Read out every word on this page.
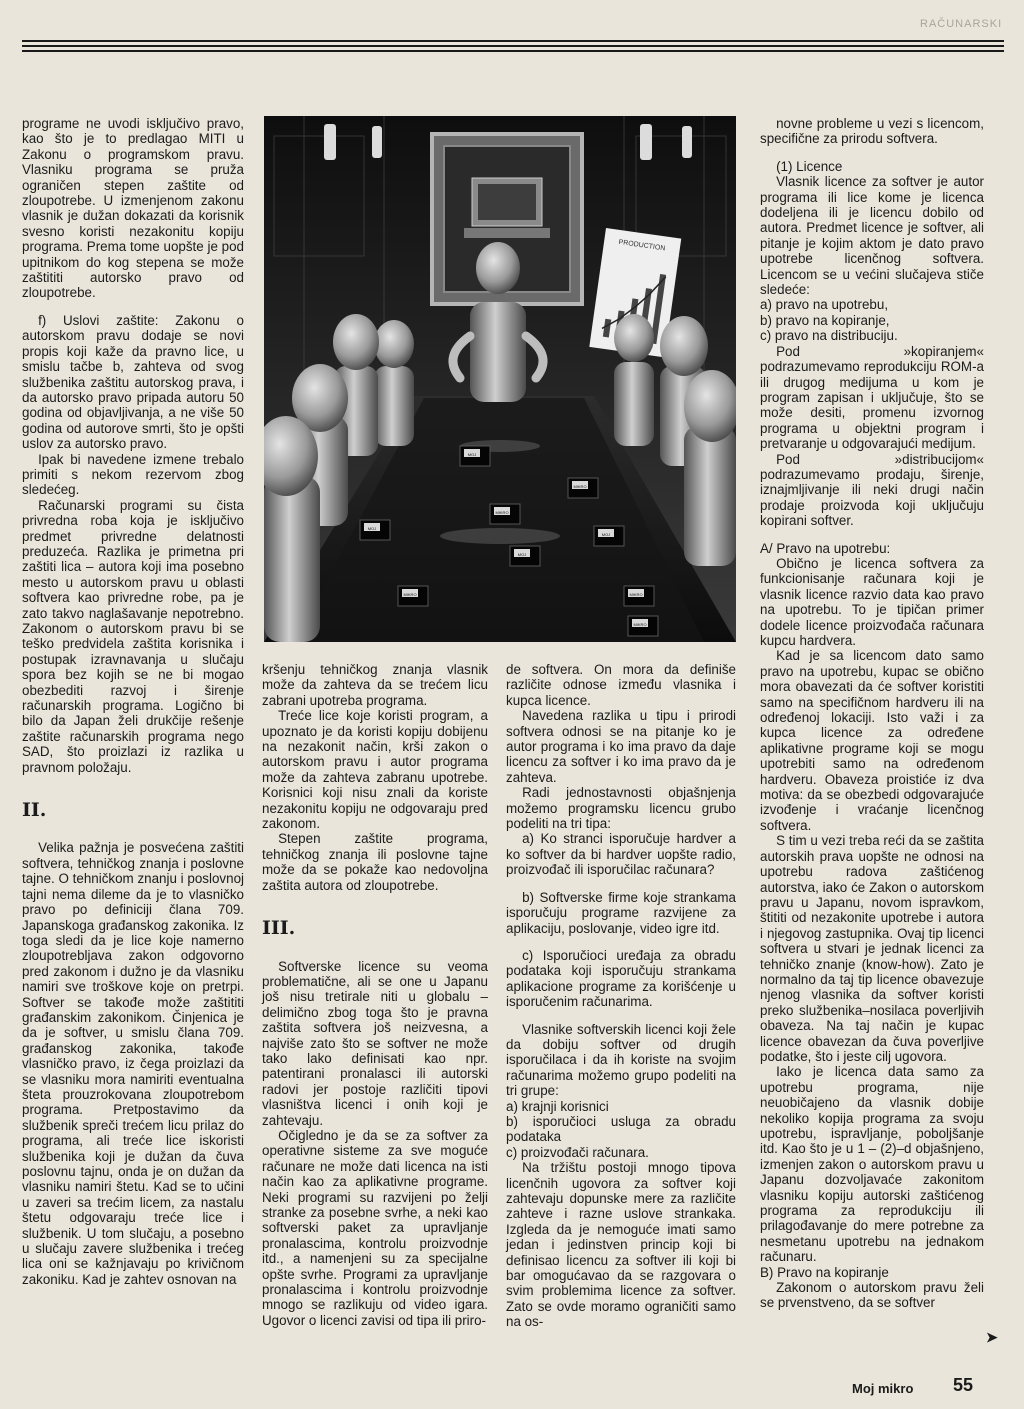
RAČUNARSKI

programe ne uvodi isključivo pravo, kao što je to predlagao MITI u Zakonu o programskom pravu. Vlasniku programa se pruža ograničen stepen zaštite od zloupotrebe. U izmenjenom zakonu vlasnik je dužan dokazati da korisnik svesno koristi nezakonitu kopiju programa. Prema tome uopšte je pod upitnikom do kog stepena se može zaštititi autorsko pravo od zloupotrebe.

f) Uslovi zaštite: Zakonu o autorskom pravu dodaje se novi propis koji kaže da pravno lice, u smislu tačbe b, zahteva od svog službenika zaštitu autorskog prava, i da autorsko pravo pripada autoru 50 godina od objavljivanja, a ne više 50 godina od autorove smrti, što je opšti uslov za autorsko pravo.

Ipak bi navedene izmene trebalo primiti s nekom rezervom zbog sledećeg.

Računarski programi su čista privredna roba koja je isključivo predmet privredne delatnosti preduzeća. Razlika je primetna pri zaštiti lica – autora koji ima posebno mesto u autorskom pravu u oblasti softvera kao privredne robe, pa je zato takvo naglašavanje nepotrebno. Zakonom o autorskom pravu bi se teško predvidela zaštita korisnika i postupak izravnavanja u slučaju spora bez kojih se ne bi mogao obezbediti razvoj i širenje računarskih programa. Logično bi bilo da Japan želi drukčije rešenje zaštite računarskih programa nego SAD, što proizlazi iz razlika u pravnom položaju.

II.

Velika pažnja je posvećena zaštiti softvera, tehničkog znanja i poslovne tajne. O tehničkom znanju i poslovnoj tajni nema dileme da je to vlasničko pravo po definiciji člana 709. Japanskoga građanskog zakonika. Iz toga sledi da je lice koje namerno zloupotrebljava zakon odgovorno pred zakonom i dužno je da vlasniku namiri sve troškove koje on pretrpi. Softver se takođe može zaštititi građanskim zakonikom. Činjenica je da je softver, u smislu člana 709. građanskog zakonika, takođe vlasničko pravo, iz čega proizlazi da se vlasniku mora namiriti eventualna šteta prouzrokovana zloupotrebom programa. Pretpostavimo da službenik spreči trećem licu prilaz do programa, ali treće lice iskoristi službenika koji je dužan da čuva poslovnu tajnu, onda je on dužan da vlasniku namiri štetu. Kad se to učini u zaveri sa trećim licem, za nastalu štetu odgovaraju treće lice i službenik. U tom slučaju, a posebno u slučaju zavere službenika i trećeg lica oni se kažnjavaju po krivičnom zakoniku. Kad je zahtev osnovan na

PRODUCTION
MOJ
MIKRO
MOJ
MIKRO
MOJ
MIKRO
MOJ
MIKRO
MIKRO

kršenju tehničkog znanja vlasnik može da zahteva da se trećem licu zabrani upotreba programa.

Treće lice koje koristi program, a upoznato je da koristi kopiju dobijenu na nezakonit način, krši zakon o autorskom pravu i autor programa može da zahteva zabranu upotrebe. Korisnici koji nisu znali da koriste nezakonitu kopiju ne odgovaraju pred zakonom.

Stepen zaštite programa, tehničkog znanja ili poslovne tajne može da se pokaže kao nedovoljna zaštita autora od zloupotrebe.

III.

Softverske licence su veoma problematične, ali se one u Japanu još nisu tretirale niti u globalu – delimično zbog toga što je pravna zaštita softvera još neizvesna, a najviše zato što se softver ne može tako lako definisati kao npr. patentirani pronalasci ili autorski radovi jer postoje različiti tipovi vlasništva licenci i onih koji je zahtevaju.

Očigledno je da se za softver za operativne sisteme za sve moguće računare ne može dati licenca na isti način kao za aplikativne programe. Neki programi su razvijeni po želji stranke za posebne svrhe, a neki kao softverski paket za upravljanje pronalascima, kontrolu proizvodnje itd., a namenjeni su za specijalne opšte svrhe. Programi za upravljanje pronalascima i kontrolu proizvodnje mnogo se razlikuju od video igara. Ugovor o licenci zavisi od tipa ili priro-

de softvera. On mora da definiše različite odnose između vlasnika i kupca licence.

Navedena razlika u tipu i prirodi softvera odnosi se na pitanje ko je autor programa i ko ima pravo da daje licencu za softver i ko ima pravo da je zahteva.

Radi jednostavnosti objašnjenja možemo programsku licencu grubo podeliti na tri tipa:

a) Ko stranci isporučuje hardver a ko softver da bi hardver uopšte radio, proizvođač ili isporučilac računara?

b) Softverske firme koje strankama isporučuju programe razvijene za aplikaciju, poslovanje, video igre itd.

c) Isporučioci uređaja za obradu podataka koji isporučuju strankama aplikacione programe za korišćenje u isporučenim računarima.

Vlasnike softverskih licenci koji žele da dobiju softver od drugih isporučilaca i da ih koriste na svojim računarima možemo grupo podeliti na tri grupe:

a) krajnji korisnici

b) isporučioci usluga za obradu podataka

c) proizvođači računara.

Na tržištu postoji mnogo tipova licenčnih ugovora za softver koji zahtevaju dopunske mere za različite zahteve i razne uslove strankaka. Izgleda da je nemoguće imati samo jedan i jedinstven princip koji bi definisao licencu za softver ili koji bi bar omogućavao da se razgovara o svim problemima licence za softver. Zato se ovde moramo ograničiti samo na os-

novne probleme u vezi s licencom, specifične za prirodu softvera.

(1) Licence

Vlasnik licence za softver je autor programa ili lice kome je licenca dodeljena ili je licencu dobilo od autora. Predmet licence je softver, ali pitanje je kojim aktom je dato pravo upotrebe licenčnog softvera. Licencom se u većini slučajeva stiče sledeće:

a) pravo na upotrebu,

b) pravo na kopiranje,

c) pravo na distribuciju.

Pod »kopiranjem« podrazumevamo reprodukciju ROM-a ili drugog medijuma u kom je program zapisan i uključuje, što se može desiti, promenu izvornog programa u objektni program i pretvaranje u odgovarajući medijum.

Pod »distribucijom« podrazumevamo prodaju, širenje, iznajmljivanje ili neki drugi način prodaje proizvoda koji uključuju kopirani softver.

A/ Pravo na upotrebu:

Obično je licenca softvera za funkcionisanje računara koji je vlasnik licence razvio data kao pravo na upotrebu. To je tipičan primer dodele licence proizvođača računara kupcu hardvera.

Kad je sa licencom dato samo pravo na upotrebu, kupac se obično mora obavezati da će softver koristiti samo na specifičnom hardveru ili na određenoj lokaciji. Isto važi i za kupca licence za određene aplikativne programe koji se mogu upotrebiti samo na određenom hardveru. Obaveza proistiće iz dva motiva: da se obezbedi odgovarajuće izvođenje i vraćanje licenčnog softvera.

S tim u vezi treba reći da se zaštita autorskih prava uopšte ne odnosi na upotrebu radova zaštićenog autorstva, iako će Zakon o autorskom pravu u Japanu, novom ispravkom, štititi od nezakonite upotrebe i autora i njegovog zastupnika. Ovaj tip licenci softvera u stvari je jednak licenci za tehničko znanje (know-how). Zato je normalno da taj tip licence obavezuje njenog vlasnika da softver koristi preko službenika–nosilaca poverljivih obaveza. Na taj način je kupac licence obavezan da čuva poverljive podatke, što i jeste cilj ugovora.

Iako je licenca data samo za upotrebu programa, nije neuobičajeno da vlasnik dobije nekoliko kopija programa za svoju upotrebu, ispravljanje, poboljšanje itd. Kao što je u 1 – (2)–d objašnjeno, izmenjen zakon o autorskom pravu u Japanu dozvoljavaće zakonitom vlasniku kopiju autorski zaštićenog programa za reprodukciju ili prilagođavanje do mere potrebne za nesmetanu upotrebu na jednakom računaru.

B) Pravo na kopiranje

Zakonom o autorskom pravu želi se prvenstveno, da se softver

➤
Moj mikro 55
